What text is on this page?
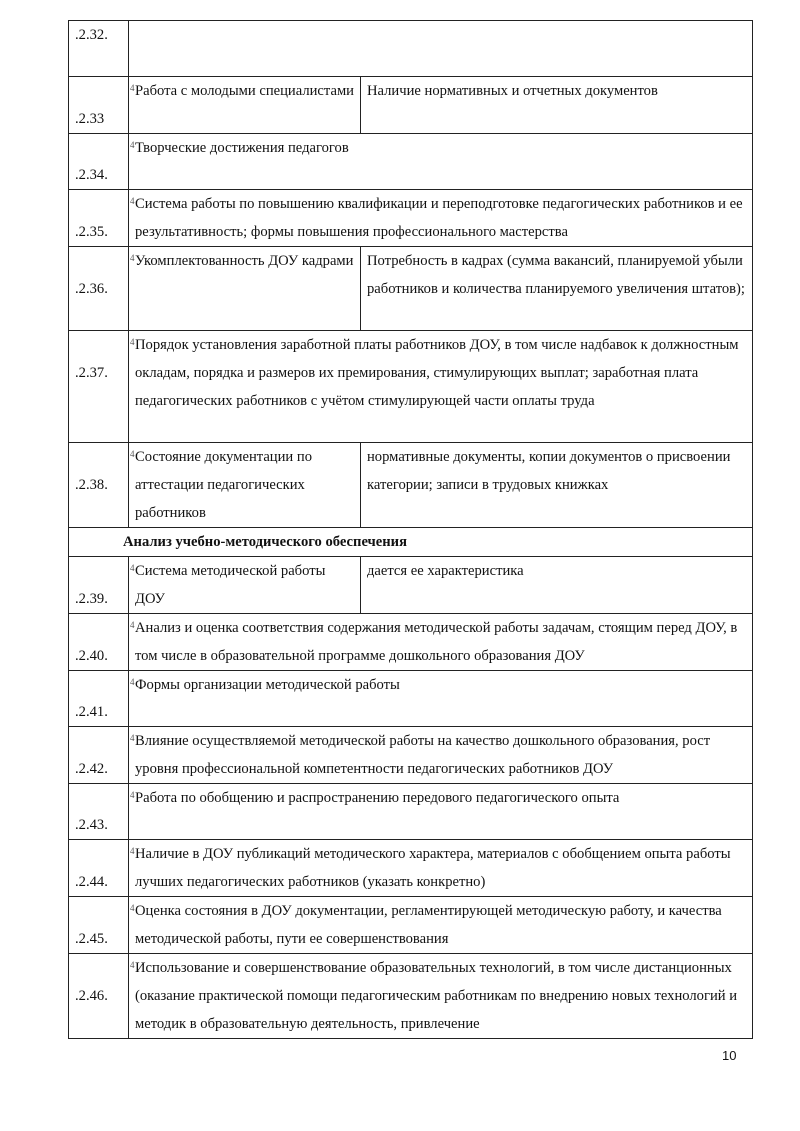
.2.32.		
.2.33	4 Работа с молодыми специалистами	Наличие нормативных и отчетных документов
.2.34.	4 Творческие достижения педагогов	
.2.35.	4 Система работы по повышению квалификации и переподготовке педагогических работников и ее результативность; формы повышения профессионального мастерства	
.2.36.	4 Укомплектованность ДОУ кадрами	Потребность в кадрах (сумма вакансий, планируемой убыли работников и количества планируемого увеличения штатов);
.2.37.	4 Порядок установления заработной платы работников ДОУ, в том числе надбавок к должностным окладам, порядка и размеров их премирования, стимулирующих выплат; заработная плата педагогических работников с учётом стимулирующей части оплаты труда	
.2.38.	4 Состояние документации по аттестации педагогических работников	нормативные документы, копии документов о присвоении категории; записи в трудовых книжках
Анализ учебно-методического обеспечения		
.2.39.	4 Система методической работы ДОУ	дается ее характеристика
.2.40.	4 Анализ и оценка соответствия содержания методической работы задачам, стоящим перед ДОУ, в том числе в образовательной программе дошкольного образования ДОУ	
.2.41.	4 Формы организации методической работы	
.2.42.	4 Влияние осуществляемой методической работы на качество дошкольного образования, рост уровня профессиональной компетентности педагогических работников ДОУ	
.2.43.	4 Работа по обобщению и распространению передового педагогического опыта	
.2.44.	4 Наличие в ДОУ публикаций методического характера, материалов с обобщением опыта работы лучших педагогических работников (указать конкретно)	
.2.45.	4 Оценка состояния в ДОУ документации, регламентирующей методическую работу, и качества методической работы, пути ее совершенствования	
.2.46.	4 Использование и совершенствование образовательных технологий, в том числе дистанционных (оказание практической помощи педагогическим работникам по внедрению новых технологий и методик в образовательную деятельность, привлечение	
10
